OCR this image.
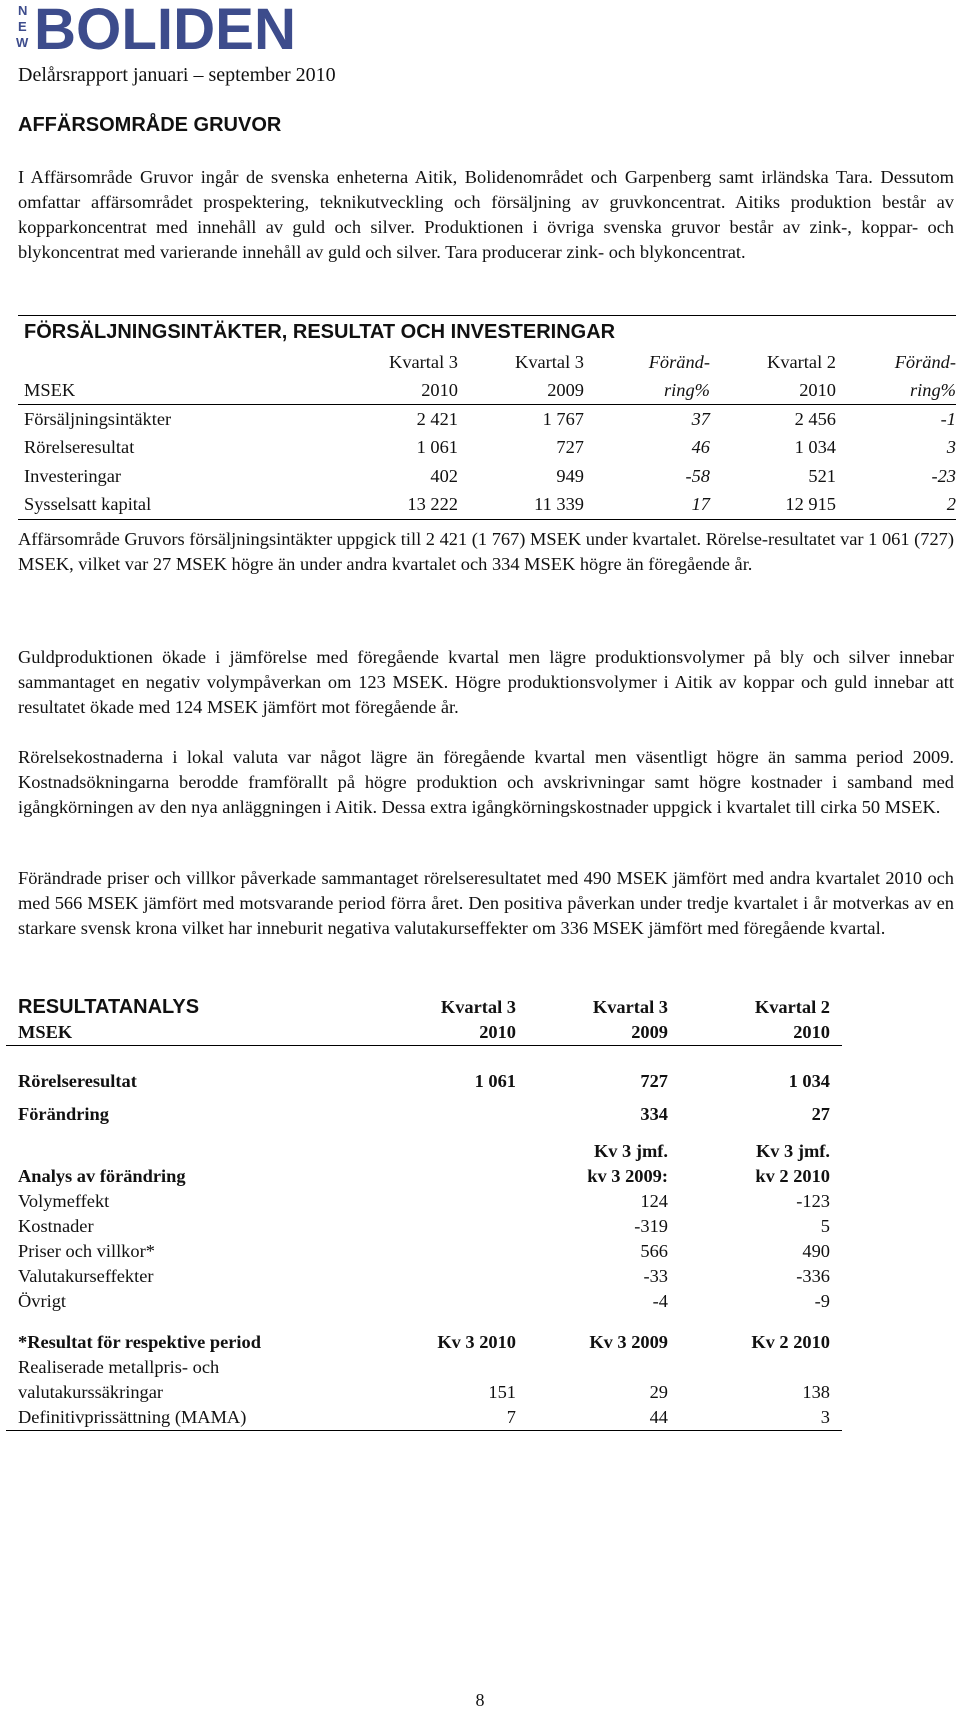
N
E
W BOLIDEN
Delårsrapport januari – september 2010
AFFÄRSOMRÅDE GRUVOR

I Affärsområde Gruvor ingår de svenska enheterna Aitik, Bolidenområdet och Garpenberg samt irländska Tara. Dessutom omfattar affärsområdet prospektering, teknikutveckling och försäljning av gruvkoncentrat. Aitiks produktion består av kopparkoncentrat med innehåll av guld och silver. Produktionen i övriga svenska gruvor består av zink-, koppar- och blykoncentrat med varierande innehåll av guld och silver. Tara producerar zink- och blykoncentrat.

FÖRSÄLJNINGSINTÄKTER, RESULTAT OCH INVESTERINGAR
	Kvartal 3	Kvartal 3	Föränd-	Kvartal 2	Föränd-
MSEK	2010	2009	ring%	2010	ring%
Försäljningsintäkter	2 421	1 767	37	2 456	-1
Rörelseresultat	1 061	727	46	1 034	3
Investeringar	402	949	-58	521	-23
Sysselsatt kapital	13 222	11 339	17	12 915	2

Affärsområde Gruvors försäljningsintäkter uppgick till 2 421 (1 767) MSEK under kvartalet. Rörelse-resultatet var 1 061 (727) MSEK, vilket var 27 MSEK högre än under andra kvartalet och 334 MSEK högre än föregående år.

Guldproduktionen ökade i jämförelse med föregående kvartal men lägre produktionsvolymer på bly och silver innebar sammantaget en negativ volympåverkan om 123 MSEK. Högre produktionsvolymer i Aitik av koppar och guld innebar att resultatet ökade med 124 MSEK jämfört mot föregående år.

Rörelsekostnaderna i lokal valuta var något lägre än föregående kvartal men väsentligt högre än samma period 2009. Kostnadsökningarna berodde framförallt på högre produktion och avskrivningar samt högre kostnader i samband med igångkörningen av den nya anläggningen i Aitik. Dessa extra igångkörningskostnader uppgick i kvartalet till cirka 50 MSEK.

Förändrade priser och villkor påverkade sammantaget rörelseresultatet med 490 MSEK jämfört med andra kvartalet 2010 och med 566 MSEK jämfört med motsvarande period förra året. Den positiva påverkan under tredje kvartalet i år motverkas av en starkare svensk krona vilket har inneburit negativa valutakurseffekter om 336 MSEK jämfört med föregående kvartal.

RESULTATANALYS	Kvartal 3	Kvartal 3	Kvartal 2
MSEK	2010	2009	2010

Rörelseresultat	1 061	727	1 034

Förändring		334	27

		Kv 3 jmf.	Kv 3 jmf.
Analys av förändring		kv 3 2009:	kv 2 2010
Volymeffekt		124	-123
Kostnader		-319	5
Priser och villkor*		566	490
Valutakurseffekter		-33	-336
Övrigt		-4	-9

*Resultat för respektive period	Kv 3 2010	Kv 3 2009	Kv 2 2010
Realiserade metallpris- och			
valutakurssäkringar	151	29	138
Definitivprissättning (MAMA)	7	44	3
8
